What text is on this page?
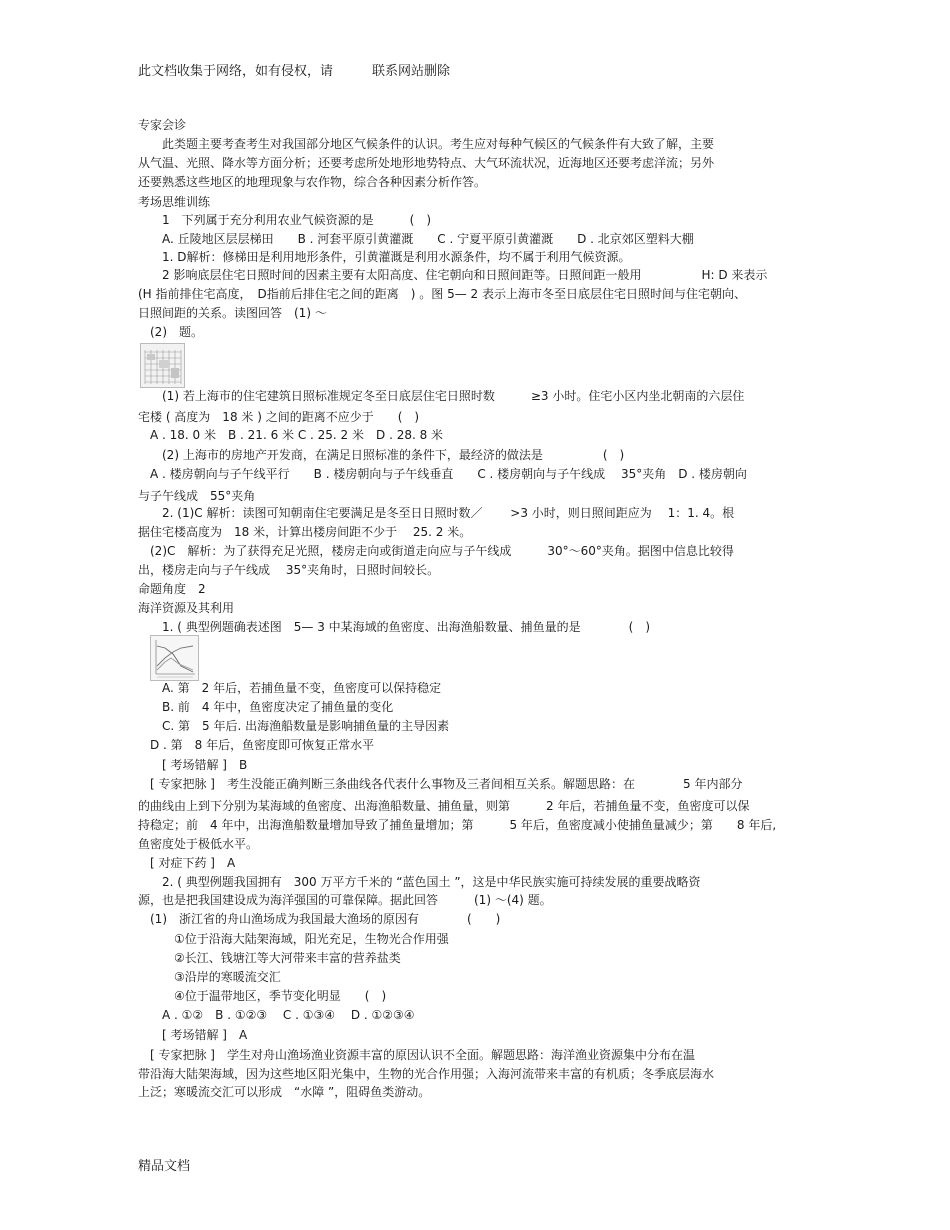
此文档收集于网络，如有侵权，请　　　联系网站删除
专家会诊
　　此类题主要考查考生对我国部分地区气候条件的认识。考生应对每种气候区的气候条件有大致了解，主要
从气温、光照、降水等方面分析；还要考虑所处地形地势特点、大气环流状况，近海地区还要考虑洋流；另外
还要熟悉这些地区的地理现象与农作物，综合各种因素分析作答。
考场思维训练
　　1　下列属于充分利用农业气候资源的是　　　(　)
　　A. 丘陵地区层层梯田　　B . 河套平原引黄灌溉　　C . 宁夏平原引黄灌溉　　D . 北京郊区塑料大棚
　　1. D解析：修梯田是利用地形条件，引黄灌溉是利用水源条件，均不属于利用气候资源。
　　2 影响底层住宅日照时间的因素主要有太阳高度、住宅朝向和日照间距等。日照间距一般用　　　　　H: D 来表示
(H 指前排住宅高度，　D指前后排住宅之间的距离　) 。图 5— 2 表示上海市冬至日底层住宅日照时间与住宅朝向、
日照间距的关系。读图回答　(1) ～
　(2)　题。
　　(1) 若上海市的住宅建筑日照标准规定冬至日底层住宅日照时数　　　≥3 小时。住宅小区内坐北朝南的六层住
宅楼 ( 高度为　18 米 ) 之间的距离不应少于　　(　)
　A . 18. 0 米　B . 21. 6 米 C . 25. 2 米　D . 28. 8 米
　　(2) 上海市的房地产开发商，在满足日照标准的条件下，最经济的做法是　　　　　(　)
　A . 楼房朝向与子午线平行　　B . 楼房朝向与子午线垂直　　C . 楼房朝向与子午线成　 35°夹角　D . 楼房朝向
与子午线成　55°夹角
　　2. (1)C 解析：读图可知朝南住宅要满足是冬至日日照时数／　　 >3 小时，则日照间距应为　 1：1. 4。根
据住宅楼高度为　18 米，计算出楼房间距不少于　 25. 2 米。
　(2)C　解析：为了获得充足光照，楼房走向或街道走向应与子午线成　　　30°～60°夹角。据图中信息比较得
出，楼房走向与子午线成　 35°夹角时，日照时间较长。
命题角度　2
海洋资源及其利用
　　1. ( 典型例题确表述图　5— 3 中某海域的鱼密度、出海渔船数量、捕鱼量的是　　　　(　)
　　A. 第　2 年后，若捕鱼量不变，鱼密度可以保持稳定
　　B. 前　4 年中，鱼密度决定了捕鱼量的变化
　　C. 第　5 年后. 出海渔船数量是影响捕鱼量的主导因素
　D . 第　8 年后，鱼密度即可恢复正常水平
　　[ 考场错解 ]　B
　[ 专家把脉 ]　考生没能正确判断三条曲线各代表什么事物及三者间相互关系。解题思路：在　　　　5 年内部分
的曲线由上到下分别为某海域的鱼密度、出海渔船数量、捕鱼量，则第　　　2 年后，若捕鱼量不变，鱼密度可以保
持稳定；前　4 年中，出海渔船数量增加导致了捕鱼量增加；第　　　5 年后，鱼密度减小使捕鱼量减少；第　　8 年后,
鱼密度处于极低水平。
　[ 对症下药 ]　A
　　2. ( 典型例题我国拥有　300 万平方千米的 “蓝色国土 ”，这是中华民族实施可持续发展的重要战略资
源，也是把我国建设成为海洋强国的可靠保障。据此回答　　　(1) ～(4) 题。
　(1)　浙江省的舟山渔场成为我国最大渔场的原因有　　　　(　　)
　　　①位于沿海大陆架海域，阳光充足，生物光合作用强
　　　②长江、钱塘江等大河带来丰富的营养盐类
　　　③沿岸的寒暖流交汇
　　　④位于温带地区，季节变化明显　　(　)
　　A . ①②　B . ①②③　 C . ①③④　 D . ①②③④
　　[ 考场错解 ]　A
　[ 专家把脉 ]　学生对舟山渔场渔业资源丰富的原因认识不全面。解题思路：海洋渔业资源集中分布在温
带沿海大陆架海域，因为这些地区阳光集中，生物的光合作用强；入海河流带来丰富的有机质；冬季底层海水
上泛；寒暖流交汇可以形成　“水障 ”，阻碍鱼类游动。
精品文档
